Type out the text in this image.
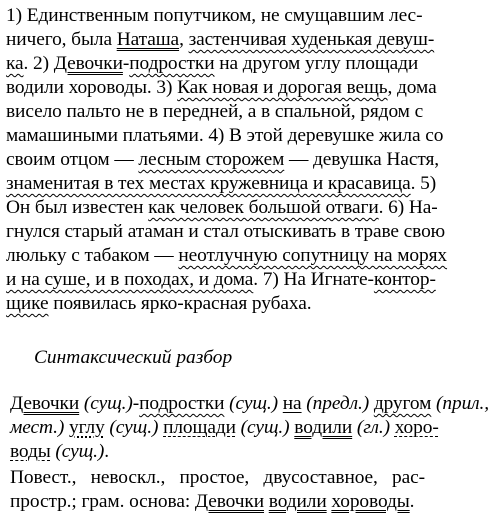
1) Единственным попутчиком, не смущавшим лес-
ничего, была Наташа, застенчивая худенькая девуш-
ка. 2) Девочки-подростки на другом углу площади
водили хороводы. 3) Как новая и дорогая вещь, дома
висело пальто не в передней, а в спальной, рядом с
мамашиными платьями. 4) В этой деревушке жила со
своим отцом — лесным сторожем — девушка Настя,
знаменитая в тех местах кружевница и красавица. 5)
Он был известен как человек большой отваги. 6) На-
гнулся старый атаман и стал отыскивать в траве свою
люльку с табаком — неотлучную сопутницу на морях
и на суше, и в походах, и дома. 7) На Игнате-контор-
щике появилась ярко-красная рубаха.
Синтаксический разбор
Девочки (сущ.)-подростки (сущ.) на (предл.) другом (прил.,
мест.) углу (сущ.) площади (сущ.) водили (гл.) хоро-
воды (сущ.).
Повест.,   невоскл.,   простое,   двусоставное,   рас-
простр.; грам. основа: Девочки водили хороводы.
